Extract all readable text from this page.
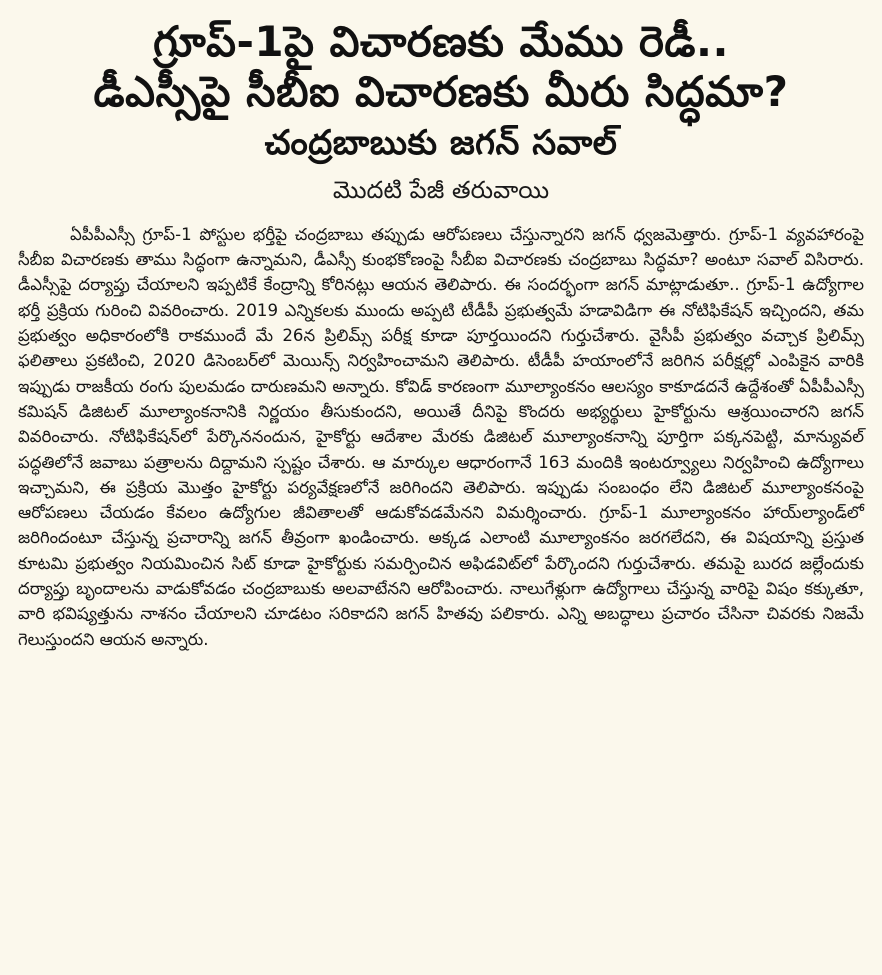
గ్రూప్-1పై విచారణకు మేము రెడీ..
డీఎస్సీపై సీబీఐ విచారణకు మీరు సిద్ధమా?
చంద్రబాబుకు జగన్ సవాల్
మొదటి పేజీ తరువాయి

ఏపీపీఎస్సీ గ్రూప్-1 పోస్టుల భర్తీపై చంద్రబాబు తప్పుడు ఆరోపణలు చేస్తున్నారని జగన్ ధ్వజమెత్తారు. గ్రూప్-1 వ్యవహారంపై సీబీఐ విచారణకు తాము సిద్ధంగా ఉన్నామని, డీఎస్సీ కుంభకోణంపై సీబీఐ విచారణకు చంద్రబాబు సిద్ధమా? అంటూ సవాల్ విసిరారు. డీఎస్సీపై దర్యాప్తు చేయాలని ఇప్పటికే కేంద్రాన్ని కోరినట్లు ఆయన తెలిపారు. ఈ సందర్భంగా జగన్ మాట్లాడుతూ.. గ్రూప్-1 ఉద్యోగాల భర్తీ ప్రక్రియ గురించి వివరించారు. 2019 ఎన్నికలకు ముందు అప్పటి టీడీపీ ప్రభుత్వమే హడావిడిగా ఈ నోటిఫికేషన్ ఇచ్చిందని, తమ ప్రభుత్వం అధికారంలోకి రాకముందే మే 26న ప్రిలిమ్స్ పరీక్ష కూడా పూర్తయిందని గుర్తుచేశారు. వైసీపీ ప్రభుత్వం వచ్చాక ప్రిలిమ్స్ ఫలితాలు ప్రకటించి, 2020 డిసెంబర్‌లో మెయిన్స్ నిర్వహించామని తెలిపారు. టీడీపీ హయాంలోనే జరిగిన పరీక్షల్లో ఎంపికైన వారికి ఇప్పుడు రాజకీయ రంగు పులమడం దారుణమని అన్నారు. కోవిడ్ కారణంగా మూల్యాంకనం ఆలస్యం కాకూడదనే ఉద్దేశంతో ఏపీపీఎస్సీ కమిషన్ డిజిటల్ మూల్యాంకనానికి నిర్ణయం తీసుకుందని, అయితే దీనిపై కొందరు అభ్యర్థులు హైకోర్టును ఆశ్రయించారని జగన్ వివరించారు. నోటిఫికేషన్‌లో పేర్కొననందున, హైకోర్టు ఆదేశాల మేరకు డిజిటల్ మూల్యాంకనాన్ని పూర్తిగా పక్కనపెట్టి, మాన్యువల్ పద్ధతిలోనే జవాబు పత్రాలను దిద్దామని స్పష్టం చేశారు. ఆ మార్కుల ఆధారంగానే 163 మందికి ఇంటర్వ్యూలు నిర్వహించి ఉద్యోగాలు ఇచ్చామని, ఈ ప్రక్రియ మొత్తం హైకోర్టు పర్యవేక్షణలోనే జరిగిందని తెలిపారు. ఇప్పుడు సంబంధం లేని డిజిటల్ మూల్యాంకనంపై ఆరోపణలు చేయడం కేవలం ఉద్యోగుల జీవితాలతో ఆడుకోవడమేనని విమర్శించారు. గ్రూప్-1 మూల్యాంకనం హాయ్‌ల్యాండ్‌లో జరిగిందంటూ చేస్తున్న ప్రచారాన్ని జగన్ తీవ్రంగా ఖండించారు. అక్కడ ఎలాంటి మూల్యాంకనం జరగలేదని, ఈ విషయాన్ని ప్రస్తుత కూటమి ప్రభుత్వం నియమించిన సిట్ కూడా హైకోర్టుకు సమర్పించిన అఫిడవిట్‌లో పేర్కొందని గుర్తుచేశారు. తమపై బురద జల్లేందుకు దర్యాప్తు బృందాలను వాడుకోవడం చంద్రబాబుకు అలవాటేనని ఆరోపించారు. నాలుగేళ్లుగా ఉద్యోగాలు చేస్తున్న వారిపై విషం కక్కుతూ, వారి భవిష్యత్తును నాశనం చేయాలని చూడటం సరికాదని జగన్ హితవు పలికారు. ఎన్ని అబద్ధాలు ప్రచారం చేసినా చివరకు నిజమే గెలుస్తుందని ఆయన అన్నారు.
